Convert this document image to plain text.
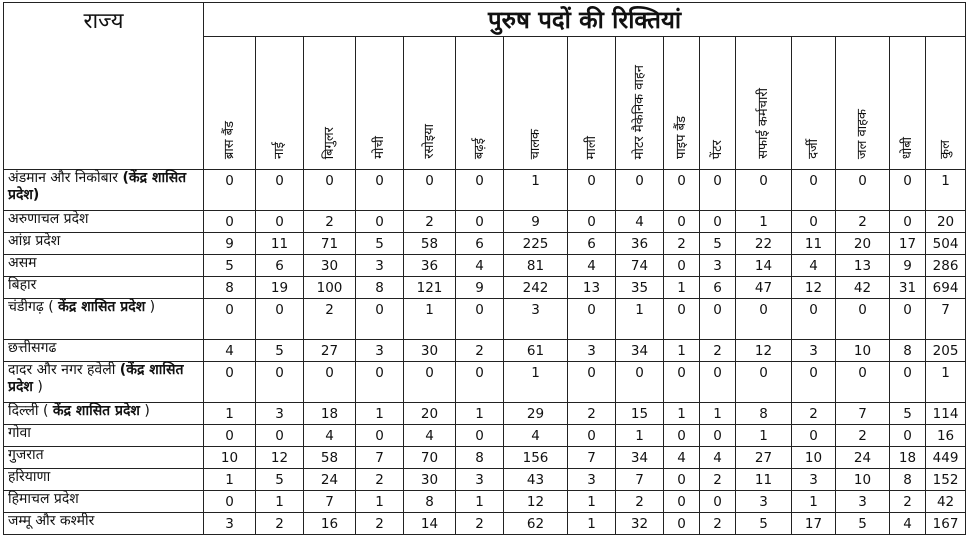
राज्य	पुरुष पदों की रिक्तियां															
	ब्रास बैंड	नाई	बिगुलर	मोची	रसोइया	बढ़ई	चालक	माली	मोटर मैकेनिक वाहन	पाइप बैंड	पेंटर	सफाई कर्मचारी	दर्जी	जल वाहक	धोबी	कुल
अंडमान और निकोबार (केंद्र शासित प्रदेश)	0	0	0	0	0	0	1	0	0	0	0	0	0	0	0	1
अरुणाचल प्रदेश	0	0	2	0	2	0	9	0	4	0	0	1	0	2	0	20
आंध्र प्रदेश	9	11	71	5	58	6	225	6	36	2	5	22	11	20	17	504
असम	5	6	30	3	36	4	81	4	74	0	3	14	4	13	9	286
बिहार	8	19	100	8	121	9	242	13	35	1	6	47	12	42	31	694
चंडीगढ़ ( केंद्र शासित प्रदेश )	0	0	2	0	1	0	3	0	1	0	0	0	0	0	0	7
छत्तीसगढ	4	5	27	3	30	2	61	3	34	1	2	12	3	10	8	205
दादर और नगर हवेली (केंद्र शासित प्रदेश )	0	0	0	0	0	0	1	0	0	0	0	0	0	0	0	1
दिल्ली ( केंद्र शासित प्रदेश )	1	3	18	1	20	1	29	2	15	1	1	8	2	7	5	114
गोवा	0	0	4	0	4	0	4	0	1	0	0	1	0	2	0	16
गुजरात	10	12	58	7	70	8	156	7	34	4	4	27	10	24	18	449
हरियाणा	1	5	24	2	30	3	43	3	7	0	2	11	3	10	8	152
हिमाचल प्रदेश	0	1	7	1	8	1	12	1	2	0	0	3	1	3	2	42
जम्मू और कश्मीर	3	2	16	2	14	2	62	1	32	0	2	5	17	5	4	167
